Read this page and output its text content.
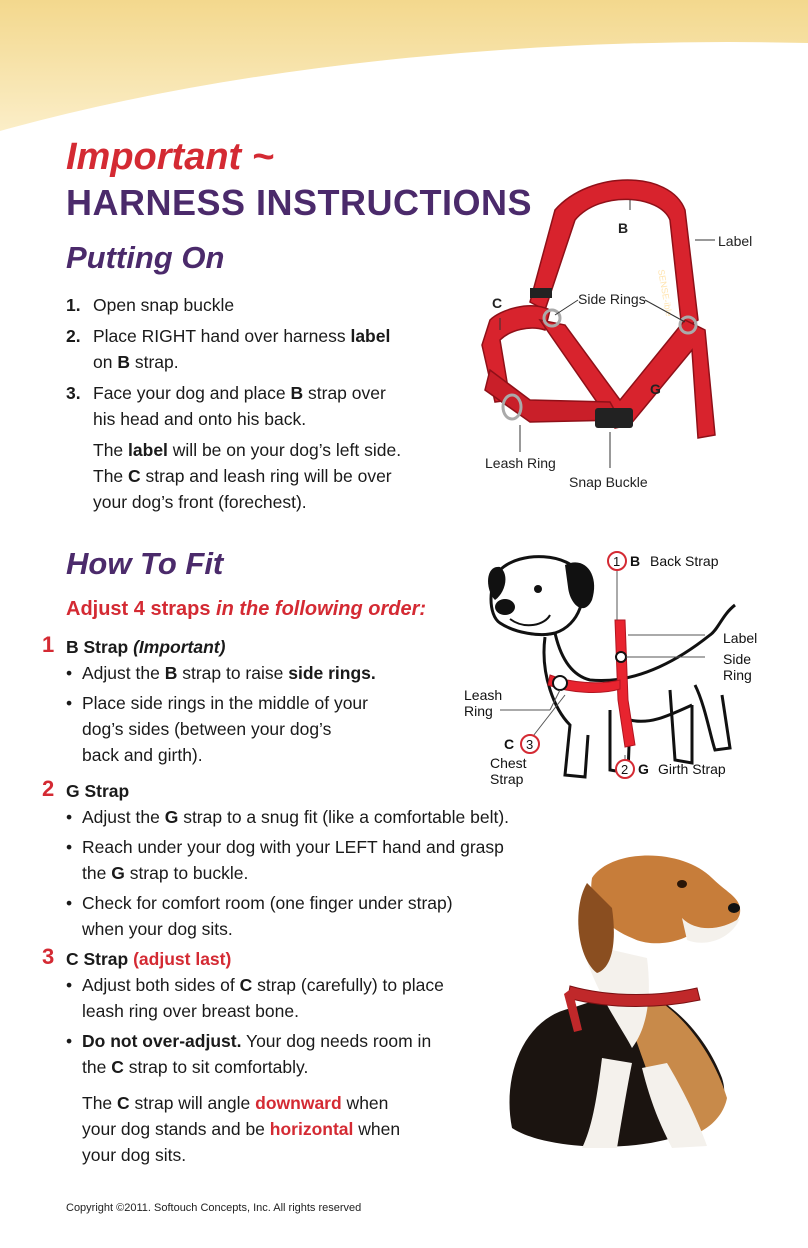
Important ~
HARNESS INSTRUCTIONS
Putting On
1. Open snap buckle
2. Place RIGHT hand over harness label
on B strap.
3. Face your dog and place B strap over
his head and onto his back.
The label will be on your dog’s left side.
The C strap and leash ring will be over
your dog’s front (forechest).
SENSE-ible
B
Label
C	Side Rings
G
Leash Ring
Snap Buckle
How To Fit
Adjust 4 straps in the following order:
1 B Strap (Important)
• Adjust the B strap to raise side rings.
• Place side rings in the middle of your
dog’s sides (between your dog’s
back and girth).
2 G Strap
• Adjust the G strap to a snug fit (like a comfortable belt).
• Reach under your dog with your LEFT hand and grasp
the G strap to buckle.
• Check for comfort room (one finger under strap)
when your dog sits.
3 C Strap (adjust last)
• Adjust both sides of C strap (carefully) to place
leash ring over breast bone.
• Do not over-adjust. Your dog needs room in
the C strap to sit comfortably.
The C strap will angle downward when
your dog stands and be horizontal when
your dog sits.
1 B Back Strap
Label
Side
Ring
Leash
Ring
C 3
Chest
Strap
2 G Girth Strap
Copyright ©2011. Softouch Concepts, Inc. All rights reserved
